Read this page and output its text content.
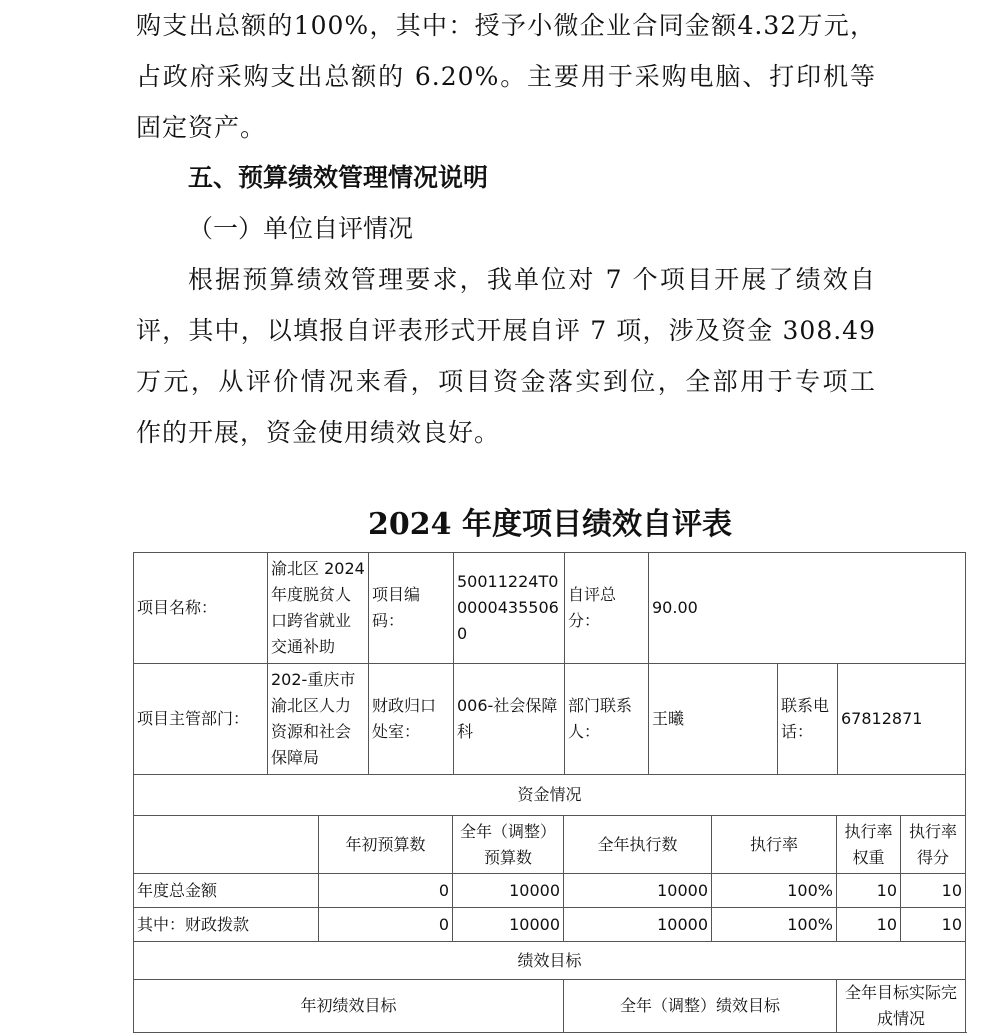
购支出总额的100%，其中：授予小微企业合同金额4.32万元，
占政府采购支出总额的 6.20%。主要用于采购电脑、打印机等
固定资产。
五、预算绩效管理情况说明
（一）单位自评情况
根据预算绩效管理要求，我单位对 7 个项目开展了绩效自
评，其中，以填报自评表形式开展自评 7 项，涉及资金 308.49
万元，从评价情况来看，项目资金落实到位，全部用于专项工
作的开展，资金使用绩效良好。
2024 年度项目绩效自评表
项目名称：	渝北区 2024 年度脱贫人口跨省就业交通补助	项目编码：	50011224T000004355060	自评总分：	90.00		
项目主管部门：	202-重庆市渝北区人力资源和社会保障局	财政归口处室：	006-社会保障科	部门联系人：	王曦	联系电话：	67812871
资金情况						
	年初预算数	全年（调整）预算数	全年执行数	执行率	执行率权重	执行率得分
年度总金额	0	10000	10000	100%	10	10
其中：财政拨款	0	10000	10000	100%	10	10
绩效目标						
年初绩效目标			全年（调整）绩效目标		全年目标实际完成情况	
